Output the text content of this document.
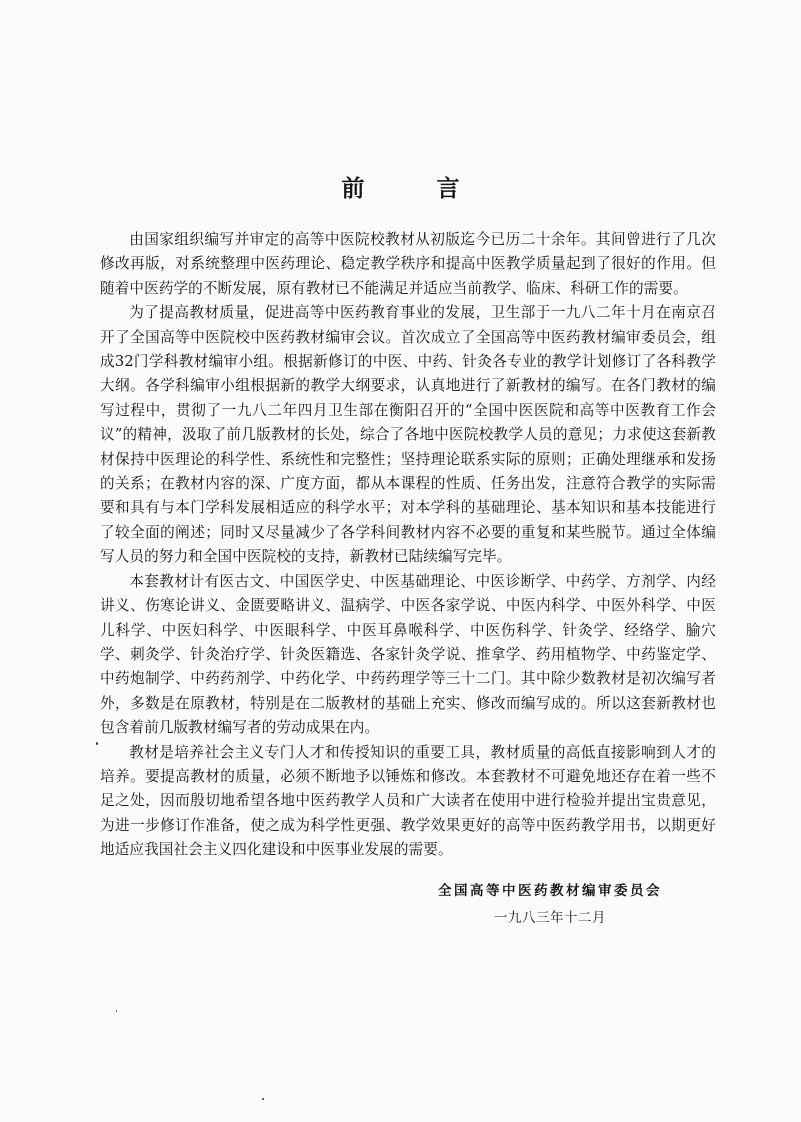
前 言

由国家组织编写并审定的高等中医院校教材从初版迄今已历二十余年。其间曾进行了几次修改再版，对系统整理中医药理论、稳定教学秩序和提高中医教学质量起到了很好的作用。但随着中医药学的不断发展，原有教材已不能满足并适应当前教学、临床、科研工作的需要。

为了提高教材质量，促进高等中医药教育事业的发展，卫生部于一九八二年十月在南京召开了全国高等中医院校中医药教材编审会议。首次成立了全国高等中医药教材编审委员会，组成32门学科教材编审小组。根据新修订的中医、中药、针灸各专业的教学计划修订了各科教学大纲。各学科编审小组根据新的教学大纲要求，认真地进行了新教材的编写。在各门教材的编写过程中，贯彻了一九八二年四月卫生部在衡阳召开的“全国中医医院和高等中医教育工作会议”的精神，汲取了前几版教材的长处，综合了各地中医院校教学人员的意见；力求使这套新教材保持中医理论的科学性、系统性和完整性；坚持理论联系实际的原则；正确处理继承和发扬的关系；在教材内容的深、广度方面，都从本课程的性质、任务出发，注意符合教学的实际需要和具有与本门学科发展相适应的科学水平；对本学科的基础理论、基本知识和基本技能进行了较全面的阐述；同时又尽量减少了各学科间教材内容不必要的重复和某些脱节。通过全体编写人员的努力和全国中医院校的支持，新教材已陆续编写完毕。

本套教材计有医古文、中国医学史、中医基础理论、中医诊断学、中药学、方剂学、内经讲义、伤寒论讲义、金匮要略讲义、温病学、中医各家学说、中医内科学、中医外科学、中医儿科学、中医妇科学、中医眼科学、中医耳鼻喉科学、中医伤科学、针灸学、经络学、腧穴学、刺灸学、针灸治疗学、针灸医籍选、各家针灸学说、推拿学、药用植物学、中药鉴定学、中药炮制学、中药药剂学、中药化学、中药药理学等三十二门。其中除少数教材是初次编写者外，多数是在原教材，特别是在二版教材的基础上充实、修改而编写成的。所以这套新教材也包含着前几版教材编写者的劳动成果在内。

教材是培养社会主义专门人才和传授知识的重要工具，教材质量的高低直接影响到人才的培养。要提高教材的质量，必须不断地予以锤炼和修改。本套教材不可避免地还存在着一些不足之处，因而殷切地希望各地中医药教学人员和广大读者在使用中进行检验并提出宝贵意见，为进一步修订作准备，使之成为科学性更强、教学效果更好的高等中医药教学用书，以期更好地适应我国社会主义四化建设和中医事业发展的需要。

全国高等中医药教材编审委员会
一九八三年十二月
